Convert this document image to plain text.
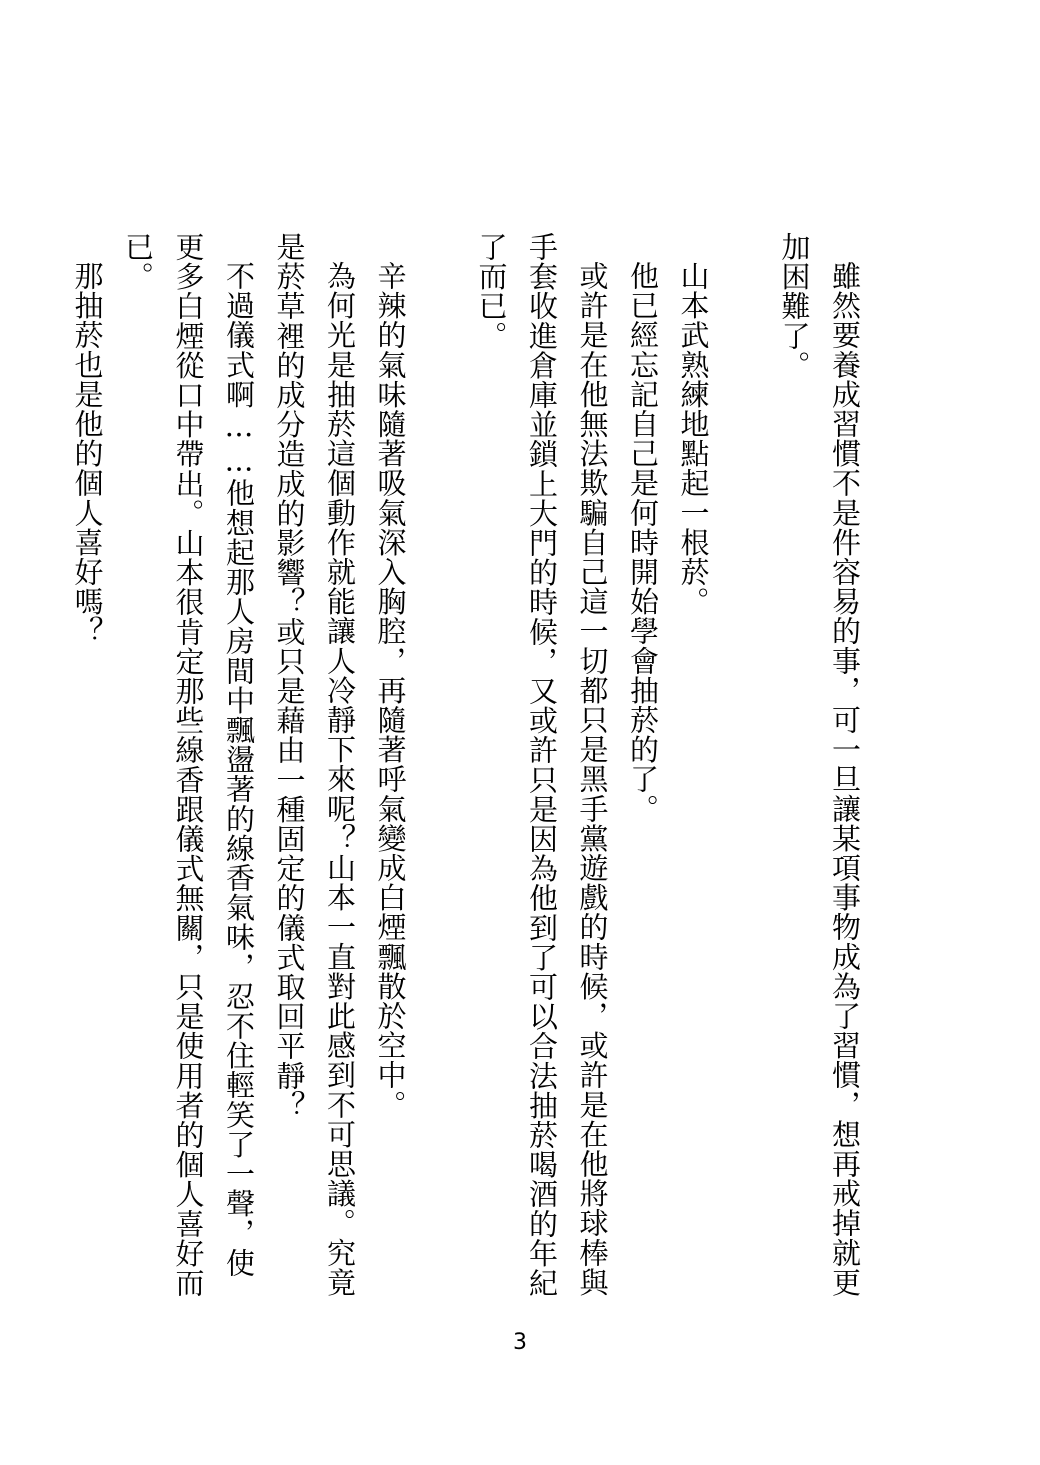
雖然要養成習慣不是件容易的事，可一旦讓某項事物成為了習慣，想再戒掉就更加困難了。

山本武熟練地點起一根菸。

他已經忘記自己是何時開始學會抽菸的了。

或許是在他無法欺騙自己這一切都只是黑手黨遊戲的時候，或許是在他將球棒與手套收進倉庫並鎖上大門的時候，又或許只是因為他到了可以合法抽菸喝酒的年紀了而已。

辛辣的氣味隨著吸氣深入胸腔，再隨著呼氣變成白煙飄散於空中。

為何光是抽菸這個動作就能讓人冷靜下來呢？山本一直對此感到不可思議。究竟是菸草裡的成分造成的影響？或只是藉由一種固定的儀式取回平靜？

不過儀式啊……他想起那人房間中飄盪著的線香氣味，忍不住輕笑了一聲，使更多白煙從口中帶出。山本很肯定那些線香跟儀式無關，只是使用者的個人喜好而已。

那抽菸也是他的個人喜好嗎？

3
